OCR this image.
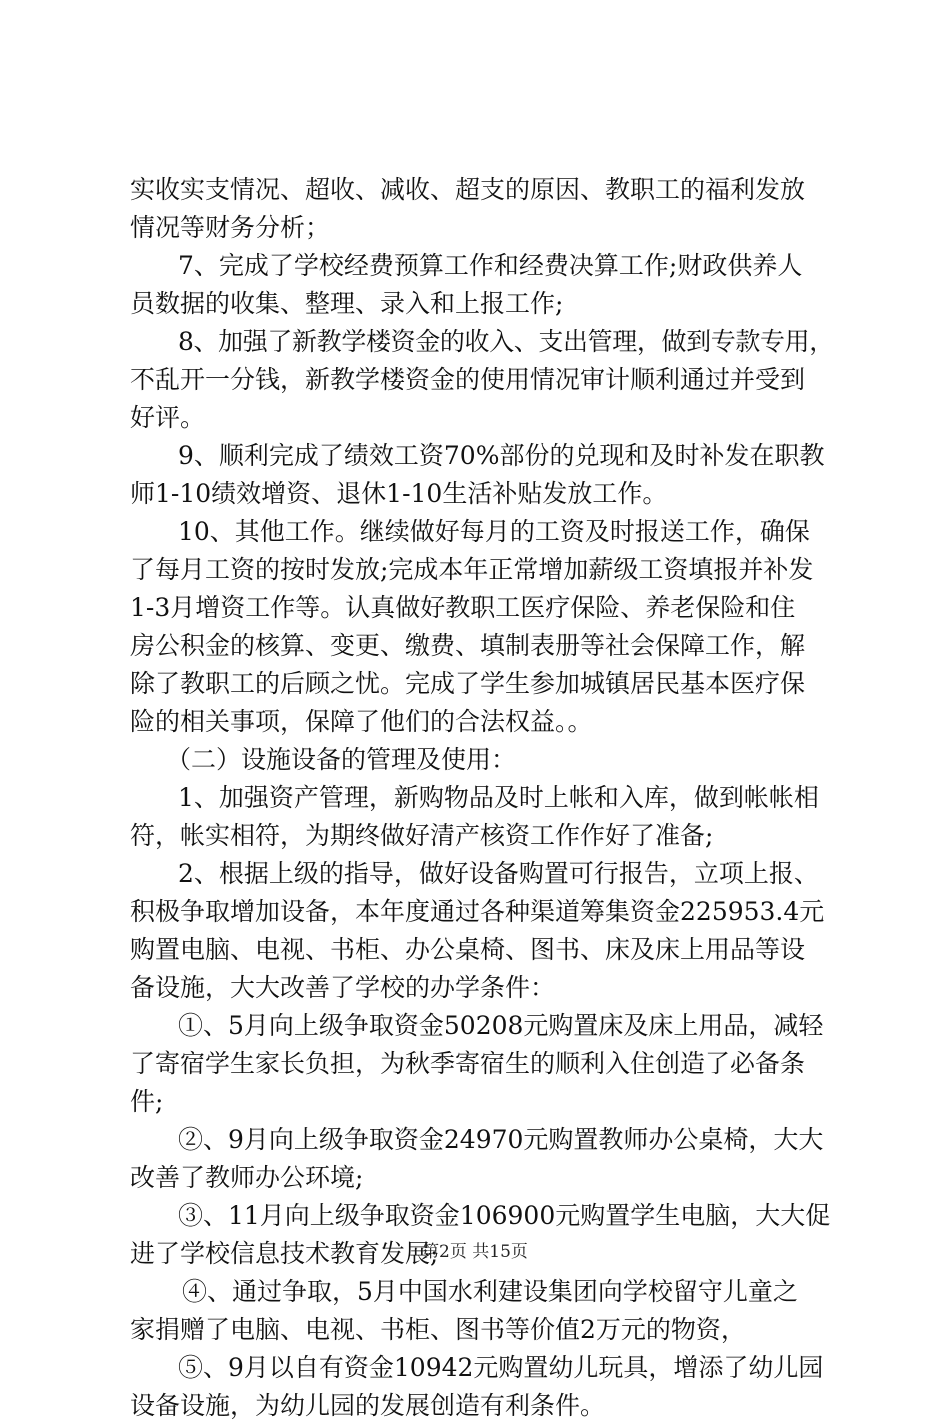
实收实支情况、超收、减收、超支的原因、教职工的福利发放
情况等财务分析；
7、完成了学校经费预算工作和经费决算工作;财政供养人
员数据的收集、整理、录入和上报工作;
8、加强了新教学楼资金的收入、支出管理，做到专款专用，
不乱开一分钱，新教学楼资金的使用情况审计顺利通过并受到
好评。
9、顺利完成了绩效工资70%部份的兑现和及时补发在职教
师1-10绩效增资、退休1-10生活补贴发放工作。
10、其他工作。继续做好每月的工资及时报送工作，确保
了每月工资的按时发放;完成本年正常增加薪级工资填报并补发
1-3月增资工作等。认真做好教职工医疗保险、养老保险和住
房公积金的核算、变更、缴费、填制表册等社会保障工作，解
除了教职工的后顾之忧。完成了学生参加城镇居民基本医疗保
险的相关事项，保障了他们的合法权益。。
（二）设施设备的管理及使用：
1、加强资产管理，新购物品及时上帐和入库，做到帐帐相
符，帐实相符，为期终做好清产核资工作作好了准备;
2、根据上级的指导，做好设备购置可行报告，立项上报、
积极争取增加设备，本年度通过各种渠道筹集资金225953.4元
购置电脑、电视、书柜、办公桌椅、图书、床及床上用品等设
备设施，大大改善了学校的办学条件：
①、5月向上级争取资金50208元购置床及床上用品，减轻
了寄宿学生家长负担，为秋季寄宿生的顺利入住创造了必备条
件;
②、9月向上级争取资金24970元购置教师办公桌椅，大大
改善了教师办公环境;
③、11月向上级争取资金106900元购置学生电脑，大大促
进了学校信息技术教育发展;
④、通过争取，5月中国水利建设集团向学校留守儿童之
家捐赠了电脑、电视、书柜、图书等价值2万元的物资，
⑤、9月以自有资金10942元购置幼儿玩具，增添了幼儿园
设备设施，为幼儿园的发展创造有利条件。
第2页 共15页
